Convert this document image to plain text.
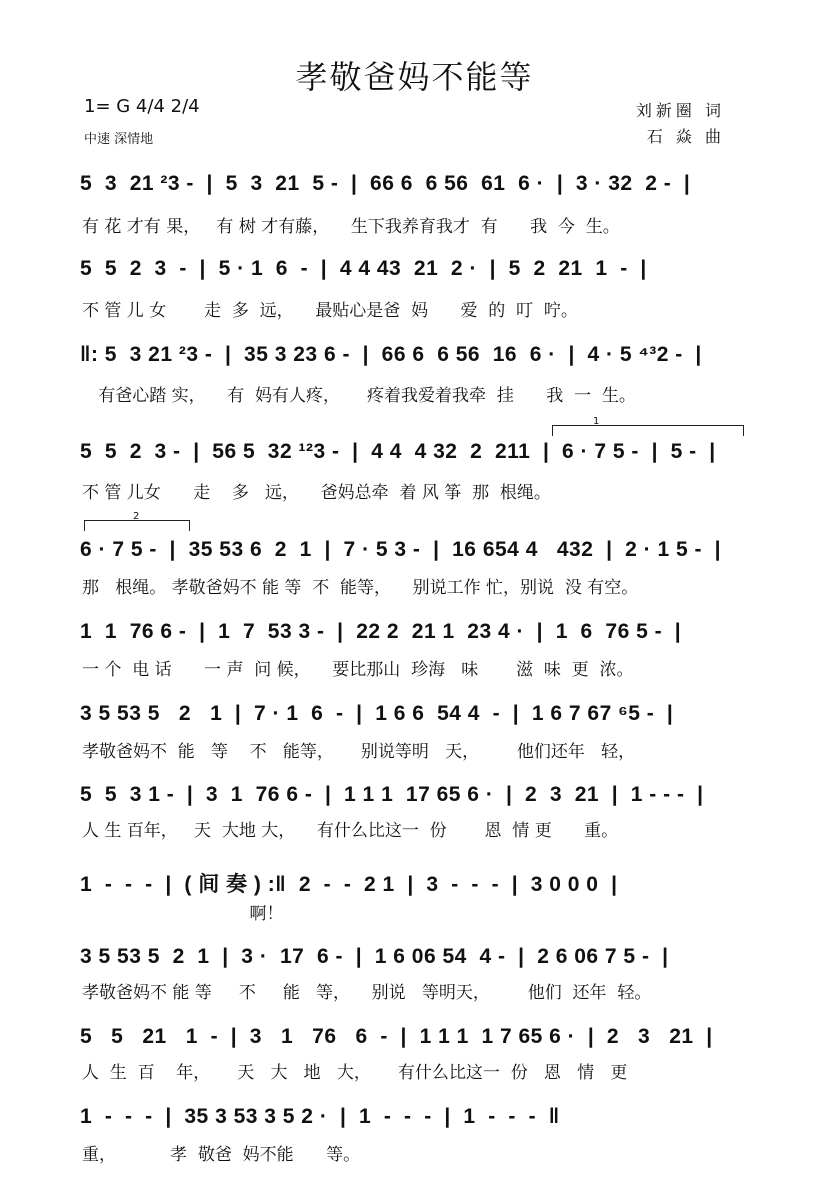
孝敬爸妈不能等
1= G 4/4 2/4
中速 深情地
刘新圈 词
石 焱 曲
1
2
5  3  21 ²3 -  |  5  3  21  5 -  |  66 6  6 56  61  6 ·  |  3 · 32  2 -  |
有 花 才有 果，   有 树 才有藤，    生下我养育我才  有      我  今  生。
5  5  2  3  -  |  5 · 1  6  -  |  4 4 43  21  2 ·  |  5  2  21  1  -  |
不 管 儿 女       走  多  远，    最贴心是爸  妈      爱  的  叮  咛。
‖: 5  3 21 ²3 -  |  35 3 23 6 -  |  66 6  6 56  16  6 ·  |  4 · 5 ⁴³2 -  |
有爸心踏 实，    有  妈有人疼，     疼着我爱着我牵  挂      我  一  生。
5  5  2  3 -  |  56 5  32 ¹²3 -  |  4 4  4 32  2  211  |  6 · 7 5 -  |  5 -  |
不 管 儿女      走    多   远，    爸妈总牵  着 风 筝  那  根绳。
6 · 7 5 -  |  35 53 6  2  1  |  7 · 5 3 -  |  16 654 4   432  |  2 · 1 5 -  |
那   根绳。 孝敬爸妈不 能 等  不  能等，    别说工作 忙，别说  没 有空。
1  1  76 6 -  |  1  7  53 3 -  |  22 2  21 1  23 4 ·  |  1  6  76 5 -  |
一 个  电 话      一 声  问 候，    要比那山  珍海   味       滋  味  更  浓。
3 5 53 5   2   1  |  7 · 1  6  -  |  1 6 6  54 4  -  |  1 6 7 67 ⁶5 -  |
孝敬爸妈不  能   等    不   能等，     别说等明   天，       他们还年   轻，
5  5  3 1 -  |  3  1  76 6 -  |  1 1 1  17 65 6 ·  |  2  3  21  |  1 - - -  |
人 生 百年，   天  大地 大，    有什么比这一  份       恩  情 更      重。
1  -  -  -  |  ( 间 奏 ) :‖  2  -  -  2 1  |  3  -  -  -  |  3 0 0 0  |
啊！
3 5 53 5  2  1  |  3 ·  17  6 -  |  1 6 06 54  4 -  |  2 6 06 7 5 -  |
孝敬爸妈不 能 等     不     能   等，    别说   等明天，       他们  还年  轻。
5   5   21   1  -  |  3   1   76   6  -  |  1 1 1  1 7 65 6 ·  |  2   3   21  |
人  生  百    年，     天   大   地   大，     有什么比这一  份   恩   情   更
1  -  -  -  |  35 3 53 3 5 2 ·  |  1  -  -  -  |  1  -  -  -  ‖
重，          孝  敬爸  妈不能      等。
